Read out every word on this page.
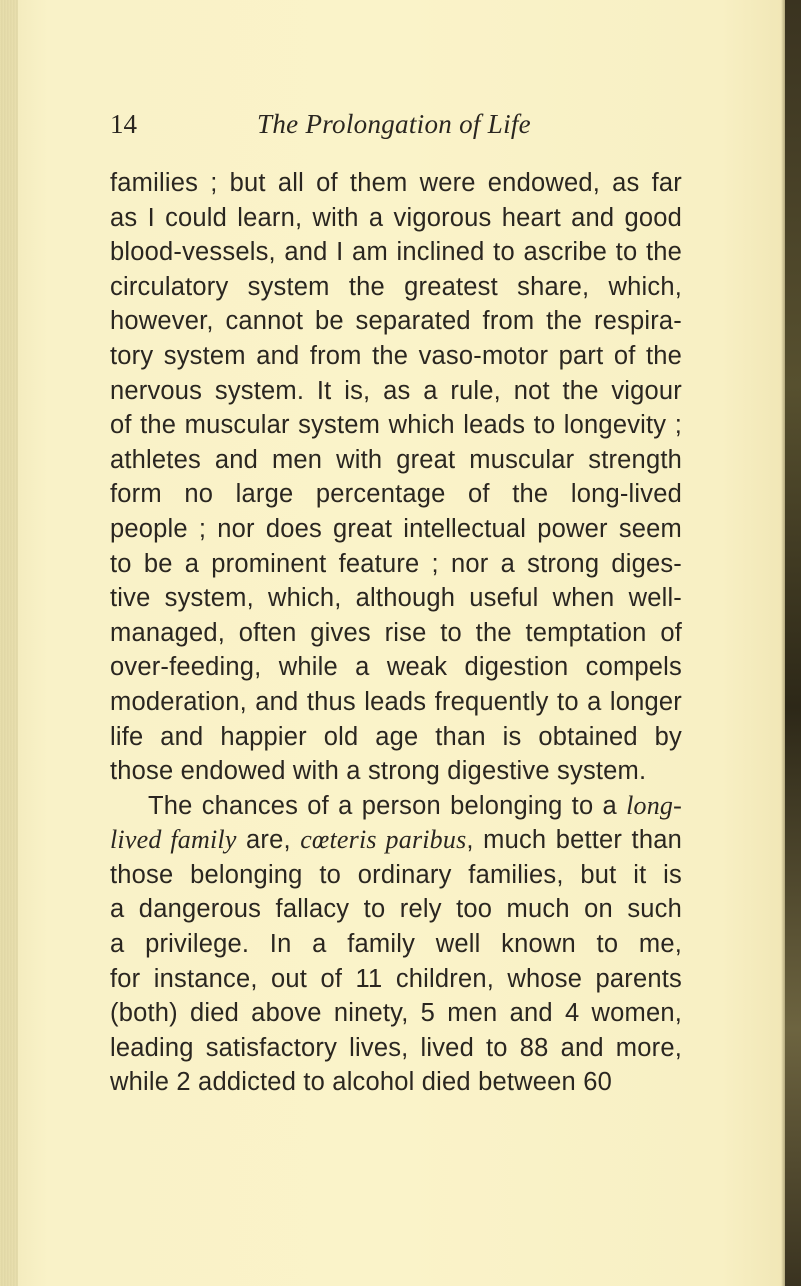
14	The Prolongation of Life
families ; but all of them were endowed, as far
as I could learn, with a vigorous heart and good
blood-vessels, and I am inclined to ascribe to the
circulatory system the greatest share, which,
however, cannot be separated from the respira-
tory system and from the vaso-motor part of the
nervous system. It is, as a rule, not the vigour
of the muscular system which leads to longevity ;
athletes and men with great muscular strength
form no large percentage of the long-lived
people ; nor does great intellectual power seem
to be a prominent feature ; nor a strong diges-
tive system, which, although useful when well-
managed, often gives rise to the temptation of
over-feeding, while a weak digestion compels
moderation, and thus leads frequently to a longer
life and happier old age than is obtained by
those endowed with a strong digestive system.
The chances of a person belonging to a long-
lived family are, cœteris paribus, much better than
those belonging to ordinary families, but it is
a dangerous fallacy to rely too much on such
a privilege. In a family well known to me,
for instance, out of 11 children, whose parents
(both) died above ninety, 5 men and 4 women,
leading satisfactory lives, lived to 88 and more,
while 2 addicted to alcohol died between 60
